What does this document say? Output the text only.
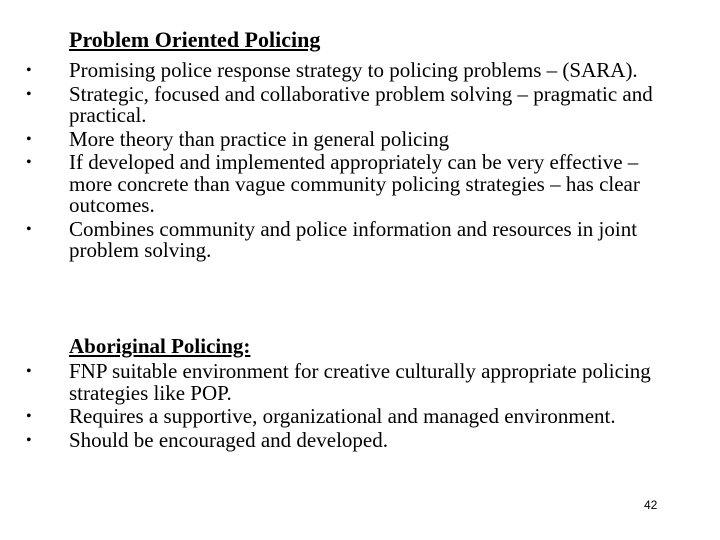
Problem Oriented Policing
• Promising police response strategy to policing problems – (SARA).
• Strategic, focused and collaborative problem solving – pragmatic and practical.
• More theory than practice in general policing
• If developed and implemented appropriately can be very effective – more concrete than vague community policing strategies – has clear outcomes.
• Combines community and police information and resources in joint problem solving.
Aboriginal Policing:
• FNP suitable environment for creative culturally appropriate policing strategies like POP.
• Requires a supportive, organizational and managed environment.
• Should be encouraged and developed.
42
